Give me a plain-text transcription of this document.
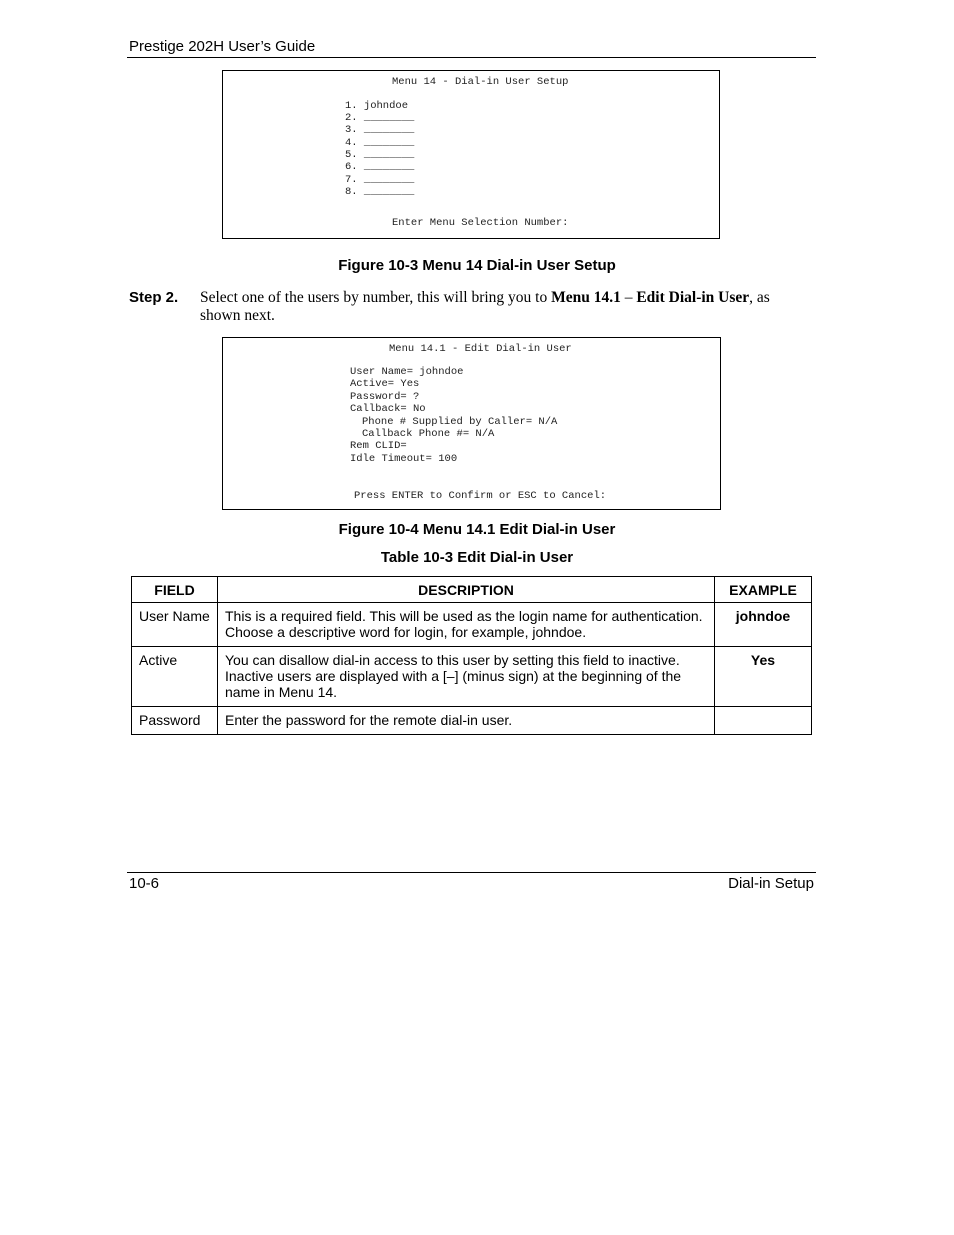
Prestige 202H User’s Guide
Menu 14 - Dial-in User Setup
1. johndoe
2. ________
3. ________
4. ________
5. ________
6. ________
7. ________
8. ________
Enter Menu Selection Number:
Figure 10-3 Menu 14 Dial-in User Setup
Step 2. Select one of the users by number, this will bring you to Menu 14.1 – Edit Dial-in User, as shown next.
Menu 14.1 - Edit Dial-in User
User Name= johndoe
Active= Yes
Password= ?
Callback= No
Phone # Supplied by Caller= N/A
Callback Phone #= N/A
Rem CLID=
Idle Timeout= 100
Press ENTER to Confirm or ESC to Cancel:
Figure 10-4 Menu 14.1 Edit Dial-in User
Table 10-3 Edit Dial-in User
FIELD	DESCRIPTION	EXAMPLE
User Name	This is a required field. This will be used as the login name for authentication. Choose a descriptive word for login, for example, johndoe.	johndoe
Active	You can disallow dial-in access to this user by setting this field to inactive. Inactive users are displayed with a [–] (minus sign) at the beginning of the name in Menu 14.	Yes
Password	Enter the password for the remote dial-in user.	
10-6	Dial-in Setup
